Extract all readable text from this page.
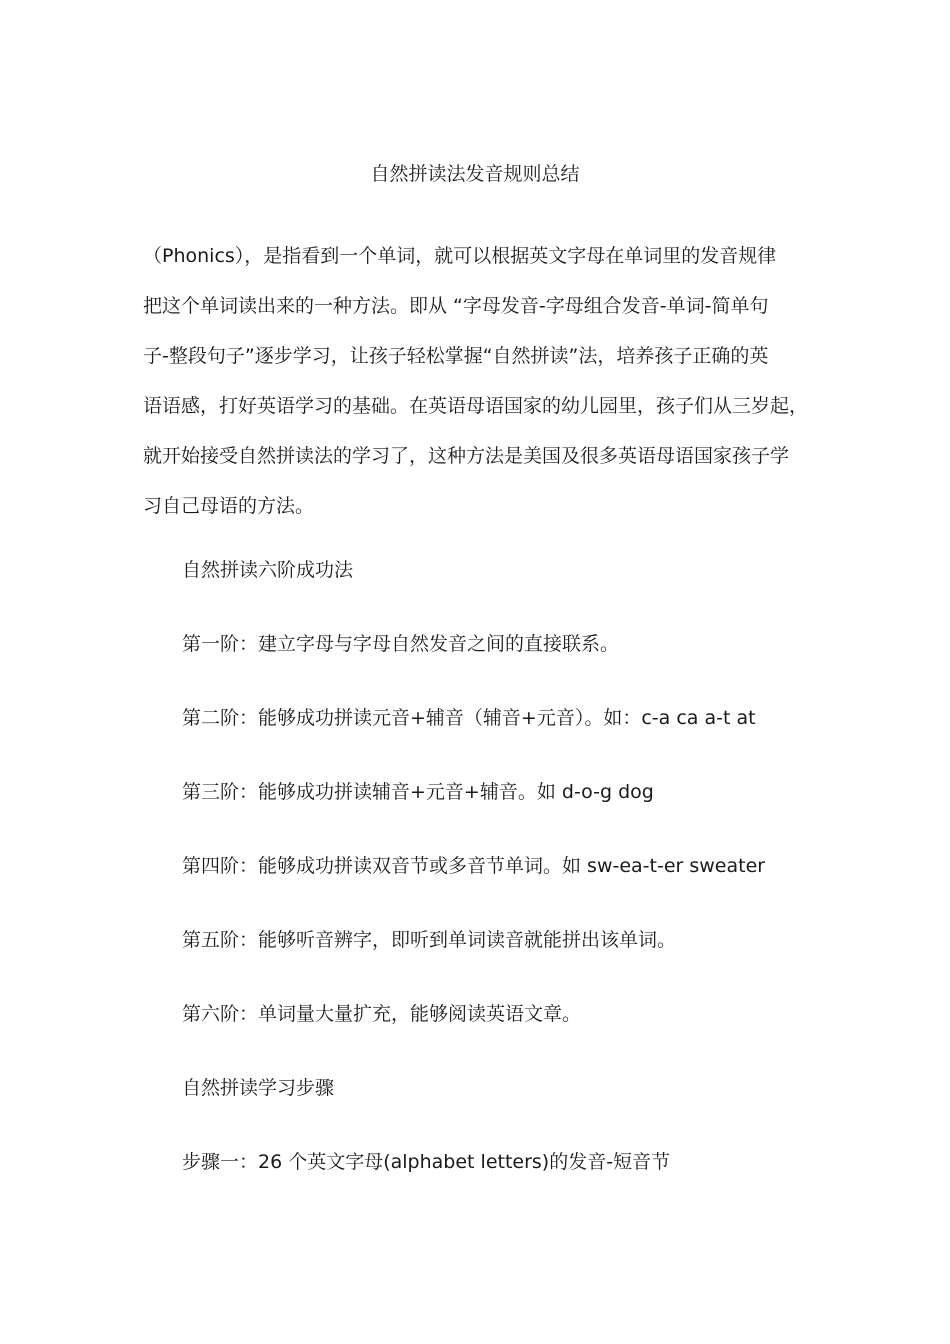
自然拼读法发音规则总结
（Phonics），是指看到一个单词，就可以根据英文字母在单词里的发音规律
把这个单词读出来的一种方法。即从 “字母发音-字母组合发音-单词-简单句
子-整段句子”逐步学习，让孩子轻松掌握“自然拼读”法，培养孩子正确的英
语语感，打好英语学习的基础。在英语母语国家的幼儿园里，孩子们从三岁起，
就开始接受自然拼读法的学习了，这种方法是美国及很多英语母语国家孩子学
习自己母语的方法。
自然拼读六阶成功法
第一阶：建立字母与字母自然发音之间的直接联系。
第二阶：能够成功拼读元音+辅音（辅音+元音）。如：c-a ca a-t at
第三阶：能够成功拼读辅音+元音+辅音。如 d-o-g dog
第四阶：能够成功拼读双音节或多音节单词。如 sw-ea-t-er sweater
第五阶：能够听音辨字，即听到单词读音就能拼出该单词。
第六阶：单词量大量扩充，能够阅读英语文章。
自然拼读学习步骤
步骤一：26 个英文字母(alphabet letters)的发音-短音节
